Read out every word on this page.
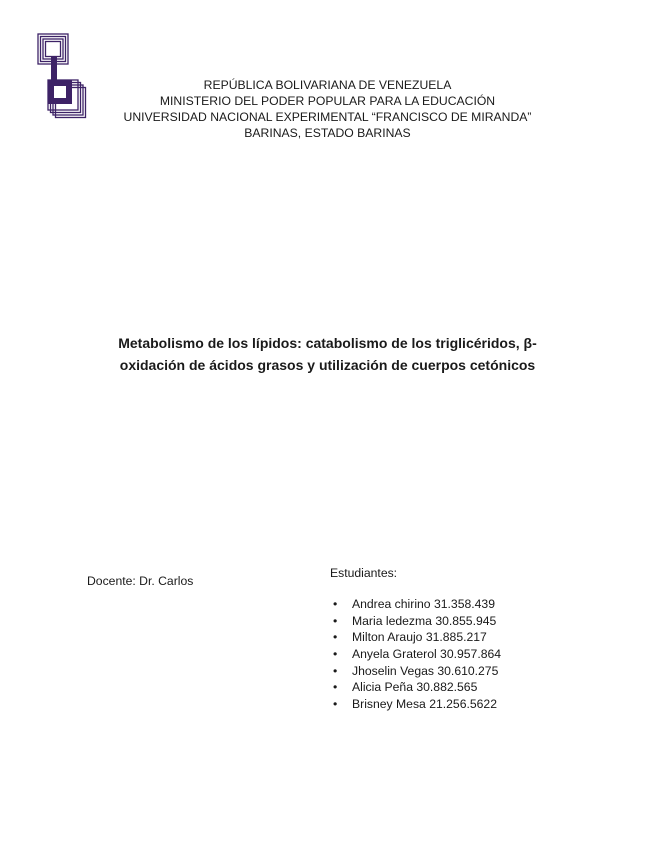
REPÚBLICA BOLIVARIANA DE VENEZUELA
MINISTERIO DEL PODER POPULAR PARA LA EDUCACIÓN
UNIVERSIDAD NACIONAL EXPERIMENTAL “FRANCISCO DE MIRANDA”
BARINAS, ESTADO BARINAS
Metabolismo de los lípidos: catabolismo de los triglicéridos, β-
oxidación de ácidos grasos y utilización de cuerpos cetónicos
Docente: Dr. Carlos
Estudiantes:
• Andrea chirino 31.358.439
• Maria ledezma 30.855.945
• Milton Araujo 31.885.217
• Anyela Graterol 30.957.864
• Jhoselin Vegas 30.610.275
• Alicia Peña 30.882.565
• Brisney Mesa 21.256.5622
